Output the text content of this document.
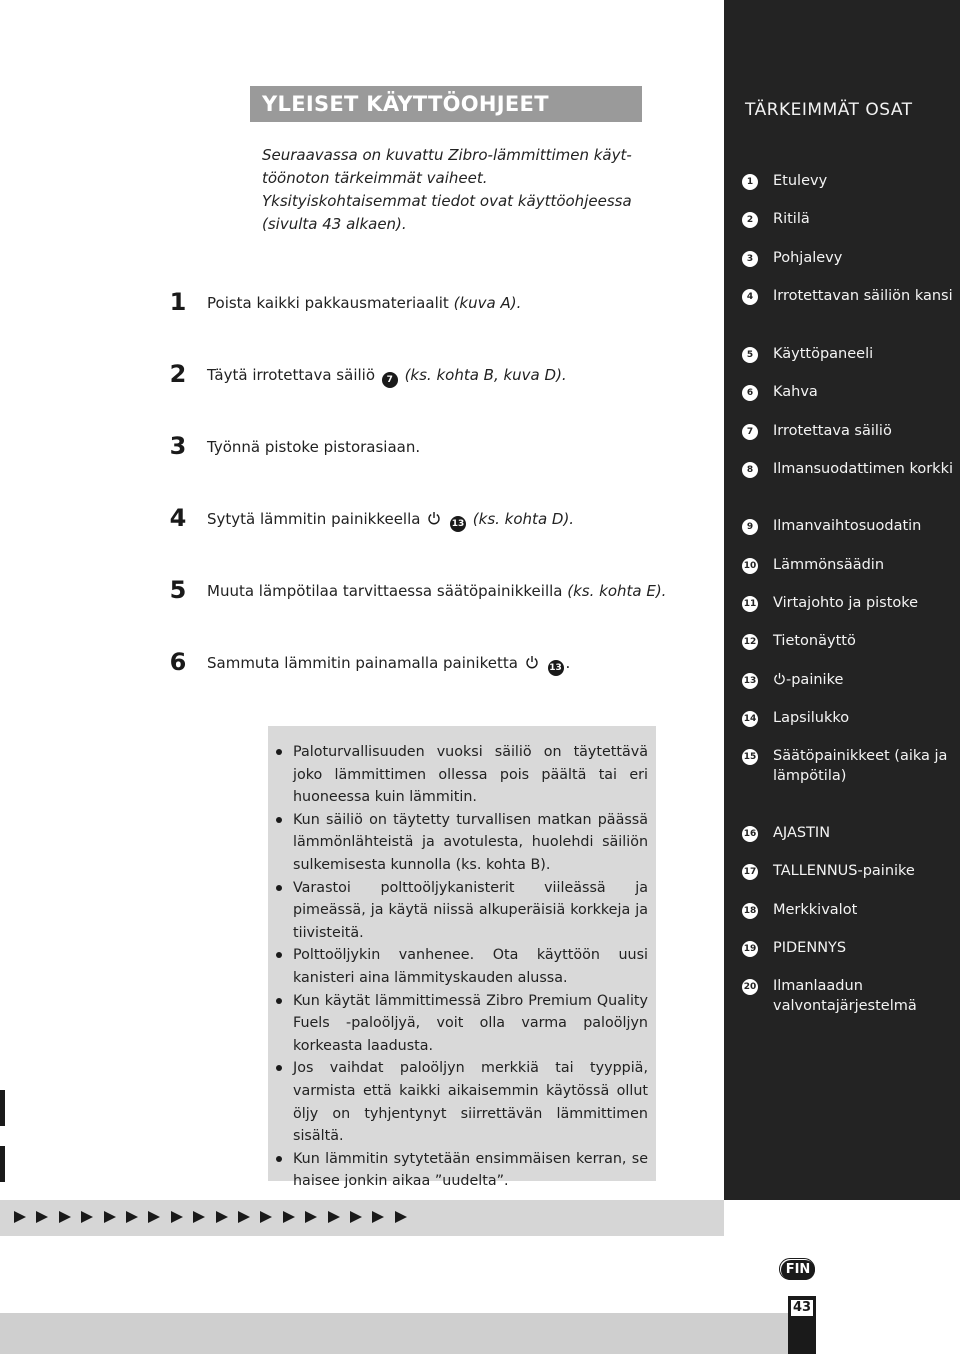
YLEISET KÄYTTÖOHJEET
Seuraavassa on kuvattu Zibro-lämmittimen käyt-töönoton tärkeimmät vaiheet. Yksityiskohtaisemmat tiedot ovat käyttöohjeessa (sivulta 43 alkaen).
1 Poista kaikki pakkausmateriaalit (kuva A).
2 Täytä irrotettava säiliö 7 (ks. kohta B, kuva D).
3 Työnnä pistoke pistorasiaan.
4 Sytytä lämmitin painikkeella	13 (ks. kohta D).
5 Muuta lämpötilaa tarvittaessa säätöpainikkeilla (ks. kohta E).
6 Sammuta lämmitin painamalla painiketta	13 .
Paloturvallisuuden vuoksi säiliö on täytettävä joko lämmittimen ollessa pois päältä tai eri huoneessa kuin lämmitin.
Kun säiliö on täytetty turvallisen matkan päässä lämmönlähteistä ja avotulesta, huolehdi säiliön sulkemisesta kunnolla (ks. kohta B).
Varastoi polttoöljykanisterit viileässä ja pimeässä, ja käytä niissä alkuperäisiä korkkeja ja tiivisteitä.
Polttoöljykin vanhenee. Ota käyttöön uusi kanisteri aina lämmityskauden alussa.
Kun käytät lämmittimessä Zibro Premium Quality Fuels -paloöljyä, voit olla varma paloöljyn korkeasta laadusta.
Jos vaihdat paloöljyn merkkiä tai tyyppiä, varmista että kaikki aikaisemmin käytössä ollut öljy on tyhjentynyt siirrettävän lämmittimen sisältä.
Kun lämmitin sytytetään ensimmäisen kerran, se haisee jonkin aikaa ”uudelta”.
TÄRKEIMMÄT OSAT
1	Etulevy
2	Ritilä
3	Pohjalevy
4	Irrotettavan säiliön kansi
5	Käyttöpaneeli
6	Kahva
7	Irrotettava säiliö
8	Ilmansuodattimen korkki
9	Ilmanvaihtosuodatin
10 Lämmönsäädin
11 Virtajohto ja pistoke
12 Tietonäyttö
13	-painike
14 Lapsilukko
15 Säätöpainikkeet (aika ja lämpötila)
16 AJASTIN
17 TALLENNUS-painike
18 Merkkivalot
19 PIDENNYS
20 Ilmanlaadun valvontajärjestelmä
FIN
43
